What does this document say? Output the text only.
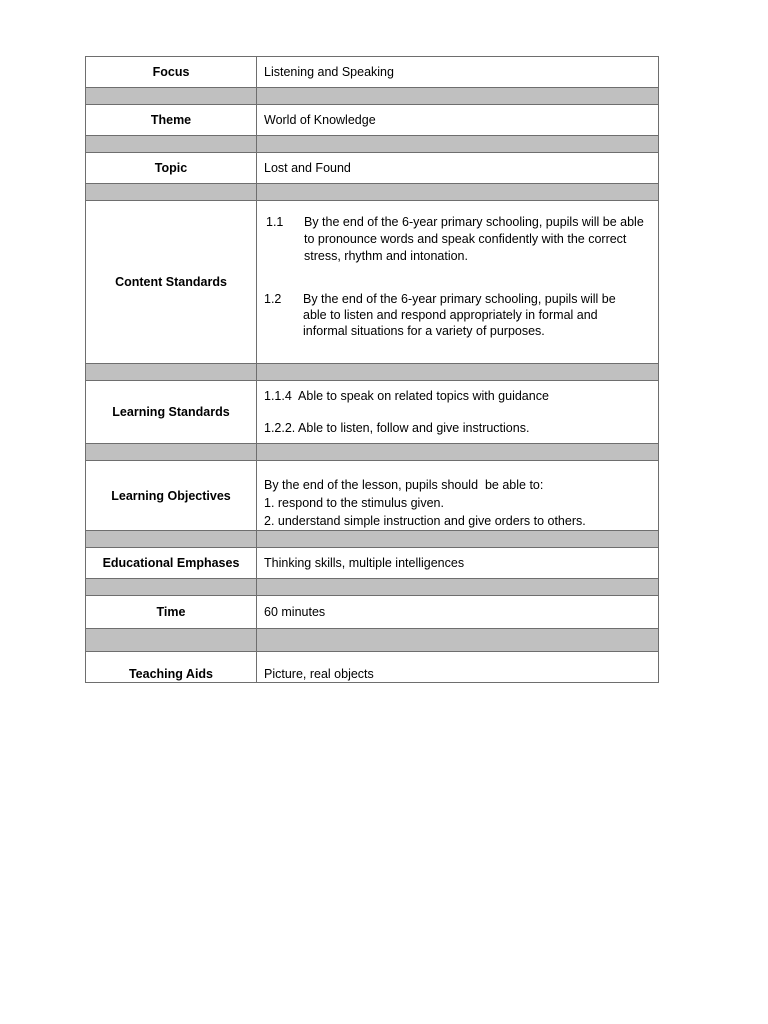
Focus	Listening and Speaking

Theme	World of Knowledge

Topic	Lost and Found

Content Standards	1.1 By the end of the 6-year primary schooling, pupils will be able to pronounce words and speak confidently with the correct stress, rhythm and intonation.
1.2 By the end of the 6-year primary schooling, pupils will be able to listen and respond appropriately in formal and informal situations for a variety of purposes.

Learning Standards	1.1.4  Able to speak on related topics with guidance
1.2.2. Able to listen, follow and give instructions.

Learning Objectives	By the end of the lesson, pupils should  be able to:
1. respond to the stimulus given.
2. understand simple instruction and give orders to others.

Educational Emphases	Thinking skills, multiple intelligences

Time	60 minutes

Teaching Aids	Picture, real objects
